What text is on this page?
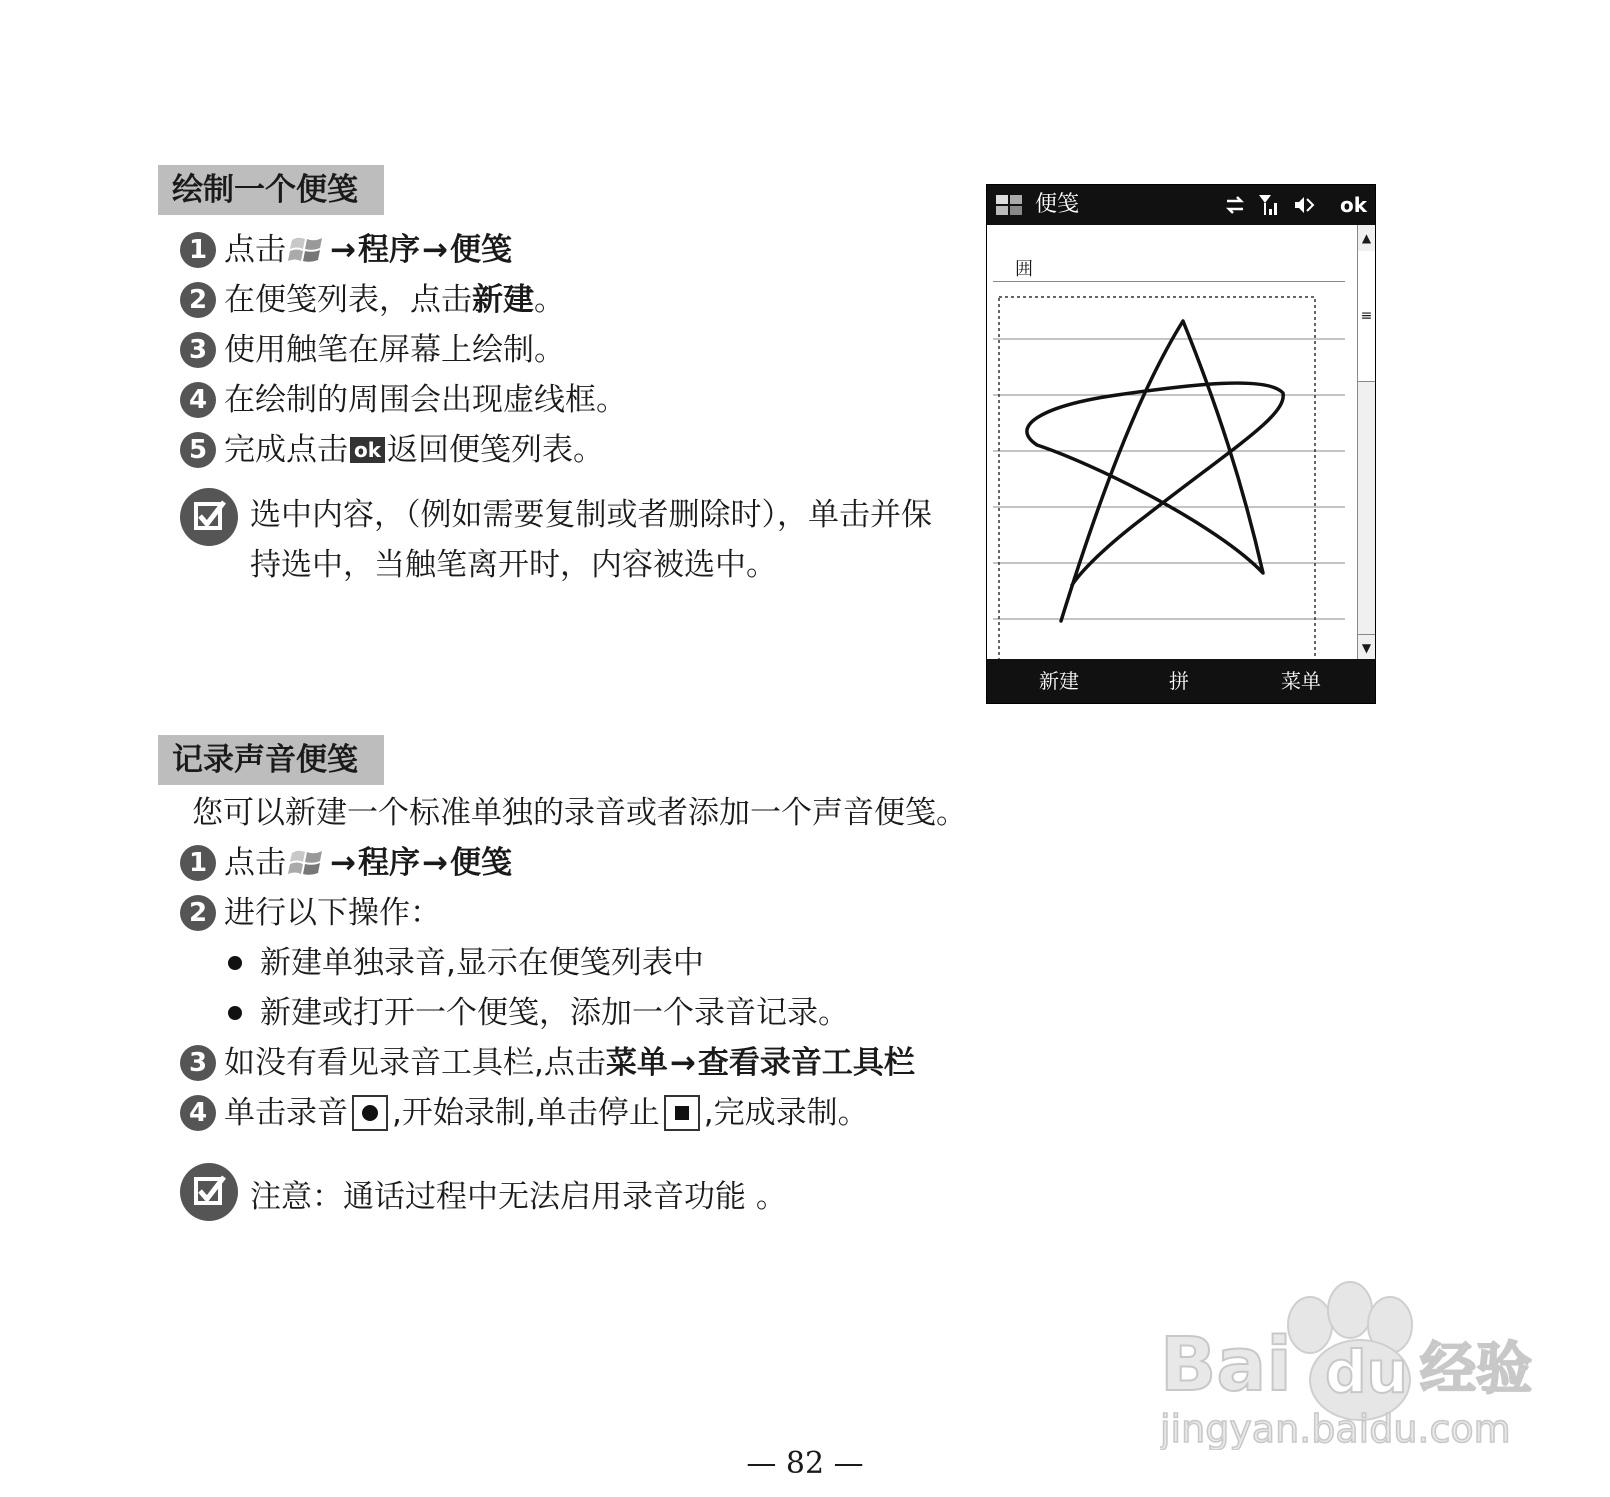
绘制一个便笺
1 点击 → 程序 → 便笺
2 在便笺列表，点击 新建 。
3 使用触笔在屏幕上绘制。
4 在绘制的周围会出现虚线框。
5 完成点击 ok 返回便笺列表。
选中内容，（例如需要复制或者删除时），单击并保
持选中，当触笔离开时，内容被选中。
便笺	ok
囲
▲
≡
▼
新建	拼	菜单
记录声音便笺
您可以新建一个标准单独的录音或者添加一个声音便笺。
1 点击 → 程序 → 便笺
2 进行以下操作：
新建单独录音,显示在便笺列表中
新建或打开一个便笺，添加一个录音记录。
3 如没有看见录音工具栏,点击 菜单 → 查看录音工具栏
4 单击录音 ,开始录制,单击停止 ,完成录制。
注意：通话过程中无法启用录音功能 。
Bai du 经验
jingyan.baidu.com
— 82 —
